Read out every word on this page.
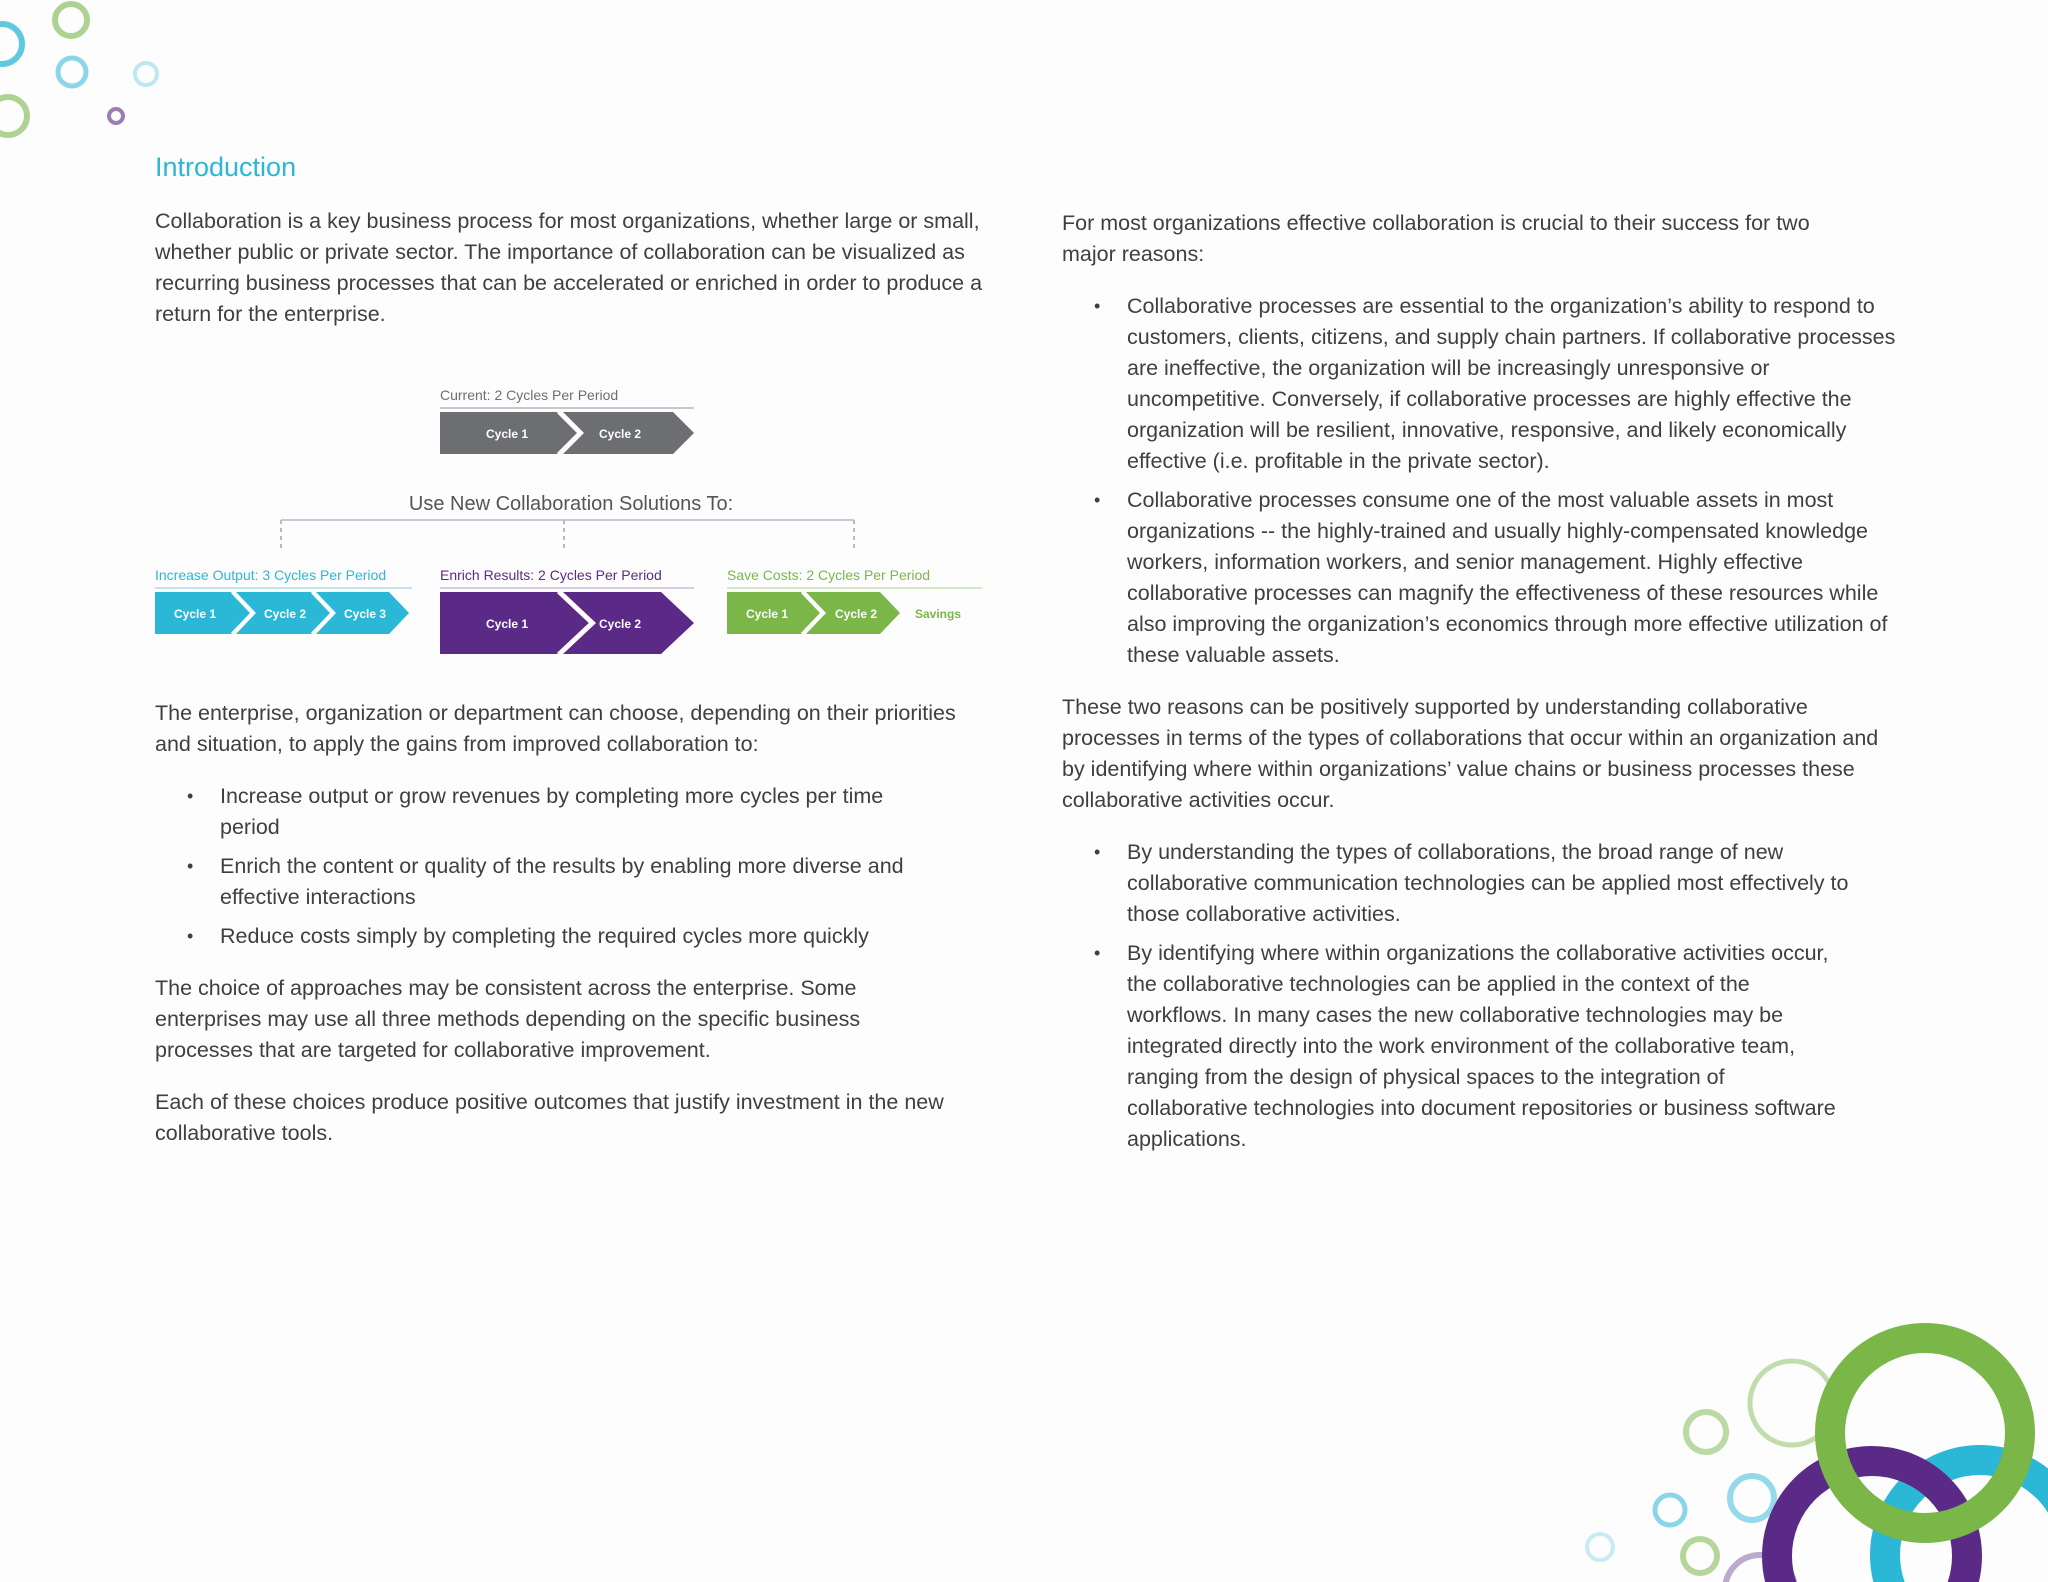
Introduction

Collaboration is a key business process for most organizations, whether large or small, whether public or private sector. The importance of collaboration can be visualized as recurring business processes that can be accelerated or enriched in order to produce a return for the enterprise.

The enterprise, organization or department can choose, depending on their priorities and situation, to apply the gains from improved collaboration to:

• Increase output or grow revenues by completing more cycles per time period
• Enrich the content or quality of the results by enabling more diverse and effective interactions
• Reduce costs simply by completing the required cycles more quickly

The choice of approaches may be consistent across the enterprise. Some enterprises may use all three methods depending on the specific business processes that are targeted for collaborative improvement.

Each of these choices produce positive outcomes that justify investment in the new collaborative tools.

Current: 2 Cycles Per Period
Cycle 1	Cycle 2
Use New Collaboration Solutions To:
Increase Output: 3 Cycles Per Period
Cycle 1	Cycle 2	Cycle 3
Enrich Results: 2 Cycles Per Period
Cycle 1	Cycle 2
Save Costs: 2 Cycles Per Period
Cycle 1	Cycle 2	Savings

For most organizations effective collaboration is crucial to their success for two major reasons:

• Collaborative processes are essential to the organization’s ability to respond to customers, clients, citizens, and supply chain partners. If collaborative processes are ineffective, the organization will be increasingly unresponsive or uncompetitive. Conversely, if collaborative processes are highly effective the organization will be resilient, innovative, responsive, and likely economically effective (i.e. profitable in the private sector).
• Collaborative processes consume one of the most valuable assets in most organizations -- the highly-trained and usually highly-compensated knowledge workers, information workers, and senior management. Highly effective collaborative processes can magnify the effectiveness of these resources while also improving the organization’s economics through more effective utilization of these valuable assets.

These two reasons can be positively supported by understanding collaborative processes in terms of the types of collaborations that occur within an organization and by identifying where within organizations’ value chains or business processes these collaborative activities occur.

• By understanding the types of collaborations, the broad range of new collaborative communication technologies can be applied most effectively to those collaborative activities.
• By identifying where within organizations the collaborative activities occur, the collaborative technologies can be applied in the context of the workflows. In many cases the new collaborative technologies may be integrated directly into the work environment of the collaborative team, ranging from the design of physical spaces to the integration of collaborative technologies into document repositories or business software applications.
